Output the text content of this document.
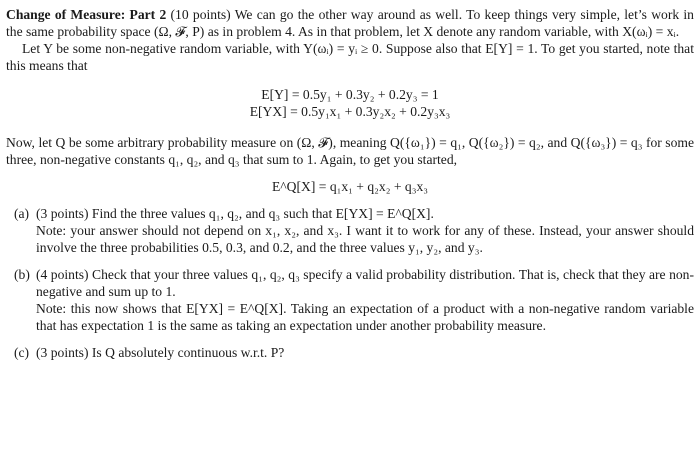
Change of Measure: Part 2 (10 points) We can go the other way around as well. To keep things very simple, let’s work in the same probability space (Ω, 𝓕, P) as in problem 4. As in that problem, let X denote any random variable, with X(ωᵢ) = xᵢ.

Let Y be some non-negative random variable, with Y(ωᵢ) = yᵢ ≥ 0. Suppose also that E[Y] = 1. To get you started, note that this means that

E[Y] = 0.5y₁ + 0.3y₂ + 0.2y₃ = 1
E[YX] = 0.5y₁x₁ + 0.3y₂x₂ + 0.2y₃x₃

Now, let Q be some arbitrary probability measure on (Ω, 𝓕), meaning Q({ω₁}) = q₁, Q({ω₂}) = q₂, and Q({ω₃}) = q₃ for some three, non-negative constants q₁, q₂, and q₃ that sum to 1. Again, to get you started,

E^Q[X] = q₁x₁ + q₂x₂ + q₃x₃
(a) (3 points) Find the three values q₁, q₂, and q₃ such that E[YX] = E^Q[X].

Note: your answer should not depend on x₁, x₂, and x₃. I want it to work for any of these. Instead, your answer should involve the three probabilities 0.5, 0.3, and 0.2, and the three values y₁, y₂, and y₃.

(b) (4 points) Check that your three values q₁, q₂, q₃ specify a valid probability distribution. That is, check that they are non-negative and sum up to 1.

Note: this now shows that E[YX] = E^Q[X]. Taking an expectation of a product with a non-negative random variable that has expectation 1 is the same as taking an expectation under another probability measure.

(c) (3 points) Is Q absolutely continuous w.r.t. P?
